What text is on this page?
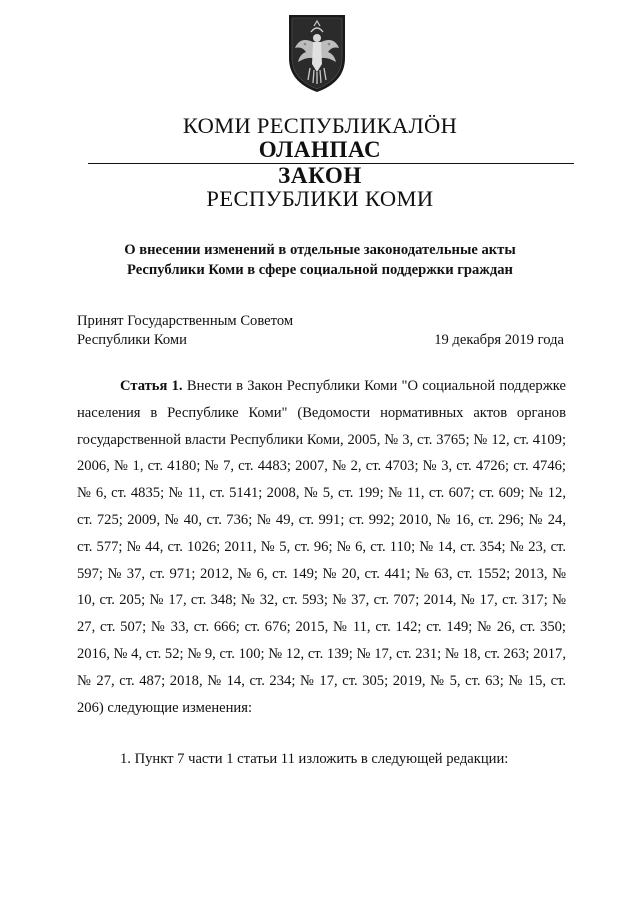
КОМИ РЕСПУБЛИКАЛӦН
ОЛАНПАС
ЗАКОН
РЕСПУБЛИКИ КОМИ
О внесении изменений в отдельные законодательные акты
Республики Коми в сфере социальной поддержки граждан
Принят Государственным Советом
Республики Коми	19 декабря 2019 года

Статья 1. Внести в Закон Республики Коми "О социальной поддержке населения в Республике Коми" (Ведомости нормативных актов органов государственной власти Республики Коми, 2005, № 3, ст. 3765; № 12, ст. 4109; 2006, № 1, ст. 4180; № 7, ст. 4483; 2007, № 2, ст. 4703; № 3, ст. 4726; ст. 4746; № 6, ст. 4835; № 11, ст. 5141; 2008, № 5, ст. 199; № 11, ст. 607; ст. 609; № 12, ст. 725; 2009, № 40, ст. 736; № 49, ст. 991; ст. 992; 2010, № 16, ст. 296; № 24, ст. 577; № 44, ст. 1026; 2011, № 5, ст. 96; № 6, ст. 110; № 14, ст. 354; № 23, ст. 597; № 37, ст. 971; 2012, № 6, ст. 149; № 20, ст. 441; № 63, ст. 1552; 2013, № 10, ст. 205; № 17, ст. 348; № 32, ст. 593; № 37, ст. 707; 2014, № 17, ст. 317; № 27, ст. 507; № 33, ст. 666; ст. 676; 2015, № 11, ст. 142; ст. 149; № 26, ст. 350; 2016, № 4, ст. 52; № 9, ст. 100; № 12, ст. 139; № 17, ст. 231; № 18, ст. 263; 2017, № 27, ст. 487; 2018, № 14, ст. 234; № 17, ст. 305; 2019, № 5, ст. 63; № 15, ст. 206) следующие изменения:

1. Пункт 7 части 1 статьи 11 изложить в следующей редакции:
